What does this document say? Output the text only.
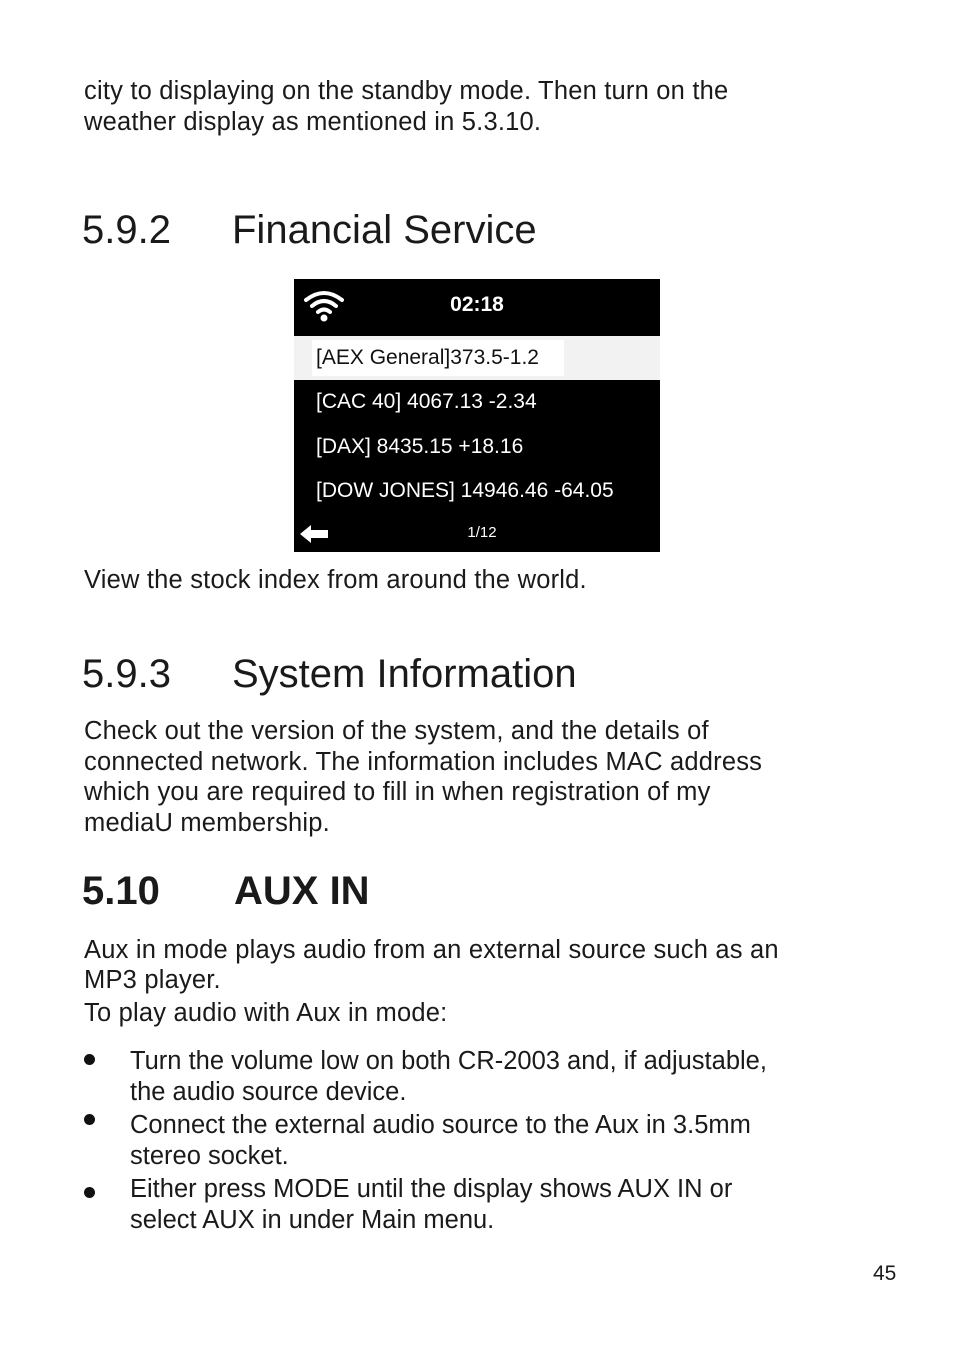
city to displaying on the standby mode. Then turn on the

weather display as mentioned in 5.3.10.

5.9.2 Financial Service
02:18
[AEX General]373.5-1.2
[CAC 40] 4067.13 -2.34
[DAX] 8435.15 +18.16
[DOW JONES] 14946.46 -64.05
1/12

View the stock index from around the world.

5.9.3 System Information

Check out the version of the system, and the details of

connected network. The information includes MAC address

which you are required to fill in when registration of my

mediaU membership.

5.10 AUX IN

Aux in mode plays audio from an external source such as an

MP3 player.

To play audio with Aux in mode:

Turn the volume low on both CR-2003 and, if adjustable,
the audio source device.
Connect the external audio source to the Aux in 3.5mm
stereo socket.
Either press MODE until the display shows AUX IN or
select AUX in under Main menu.
45
